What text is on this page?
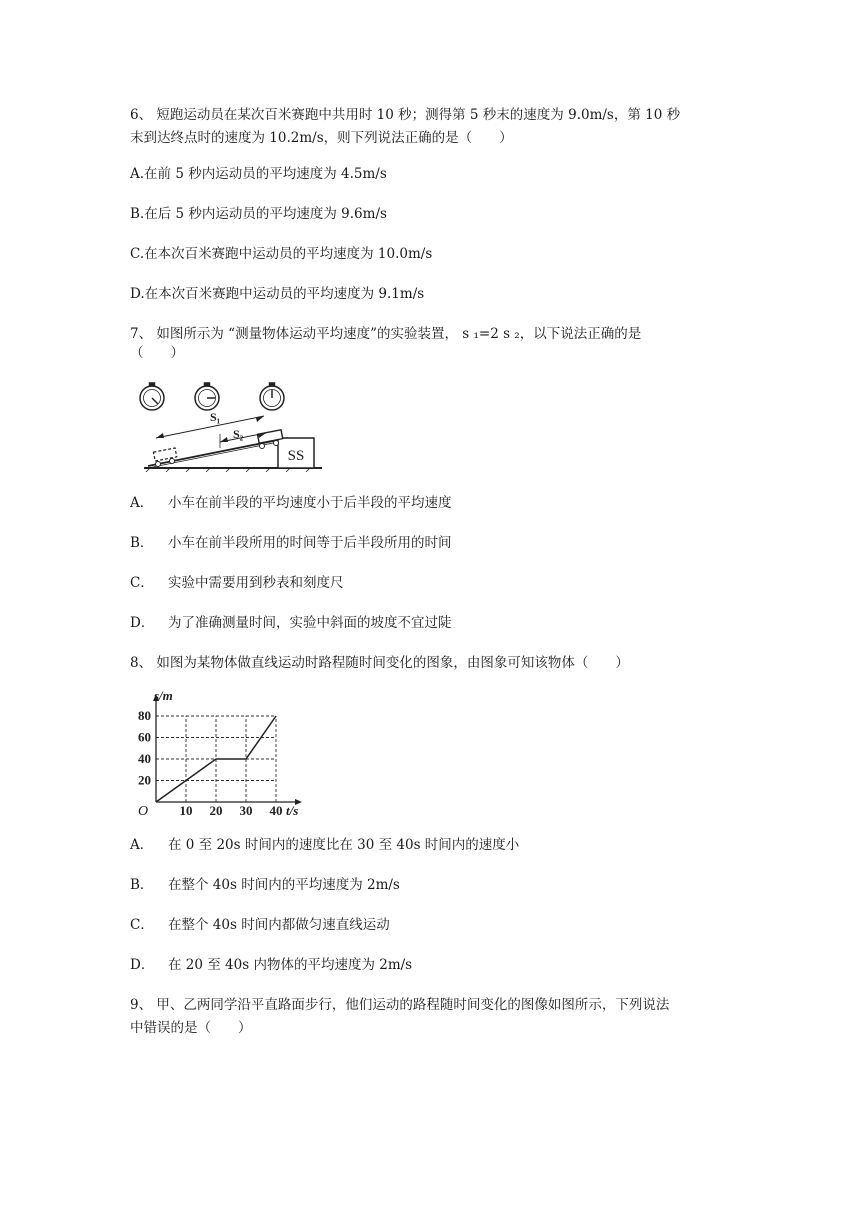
6、 短跑运动员在某次百米赛跑中共用时 10 秒；测得第 5 秒末的速度为 9.0m/s，第 10 秒
末到达终点时的速度为 10.2m/s，则下列说法正确的是（　　）
A.在前 5 秒内运动员的平均速度为 4.5m/s
B.在后 5 秒内运动员的平均速度为 9.6m/s
C.在本次百米赛跑中运动员的平均速度为 10.0m/s
D.在本次百米赛跑中运动员的平均速度为 9.1m/s
7、 如图所示为 “测量物体运动平均速度”的实验装置， s ₁=2 s ₂，以下说法正确的是
（　　）
SS
S₁
S₂
A． 小车在前半段的平均速度小于后半段的平均速度
B． 小车在前半段所用的时间等于后半段所用的时间
C． 实验中需要用到秒表和刻度尺
D． 为了准确测量时间，实验中斜面的坡度不宜过陡
8、 如图为某物体做直线运动时路程随时间变化的图象，由图象可知该物体（　　）
10 20 30 40
20
40
60
80
s/m
t/s
O
A． 在 0 至 20s 时间内的速度比在 30 至 40s 时间内的速度小
B． 在整个 40s 时间内的平均速度为 2m/s
C． 在整个 40s 时间内都做匀速直线运动
D． 在 20 至 40s 内物体的平均速度为 2m/s
9、 甲、乙两同学沿平直路面步行，他们运动的路程随时间变化的图像如图所示，下列说法
中错误的是（　　）
